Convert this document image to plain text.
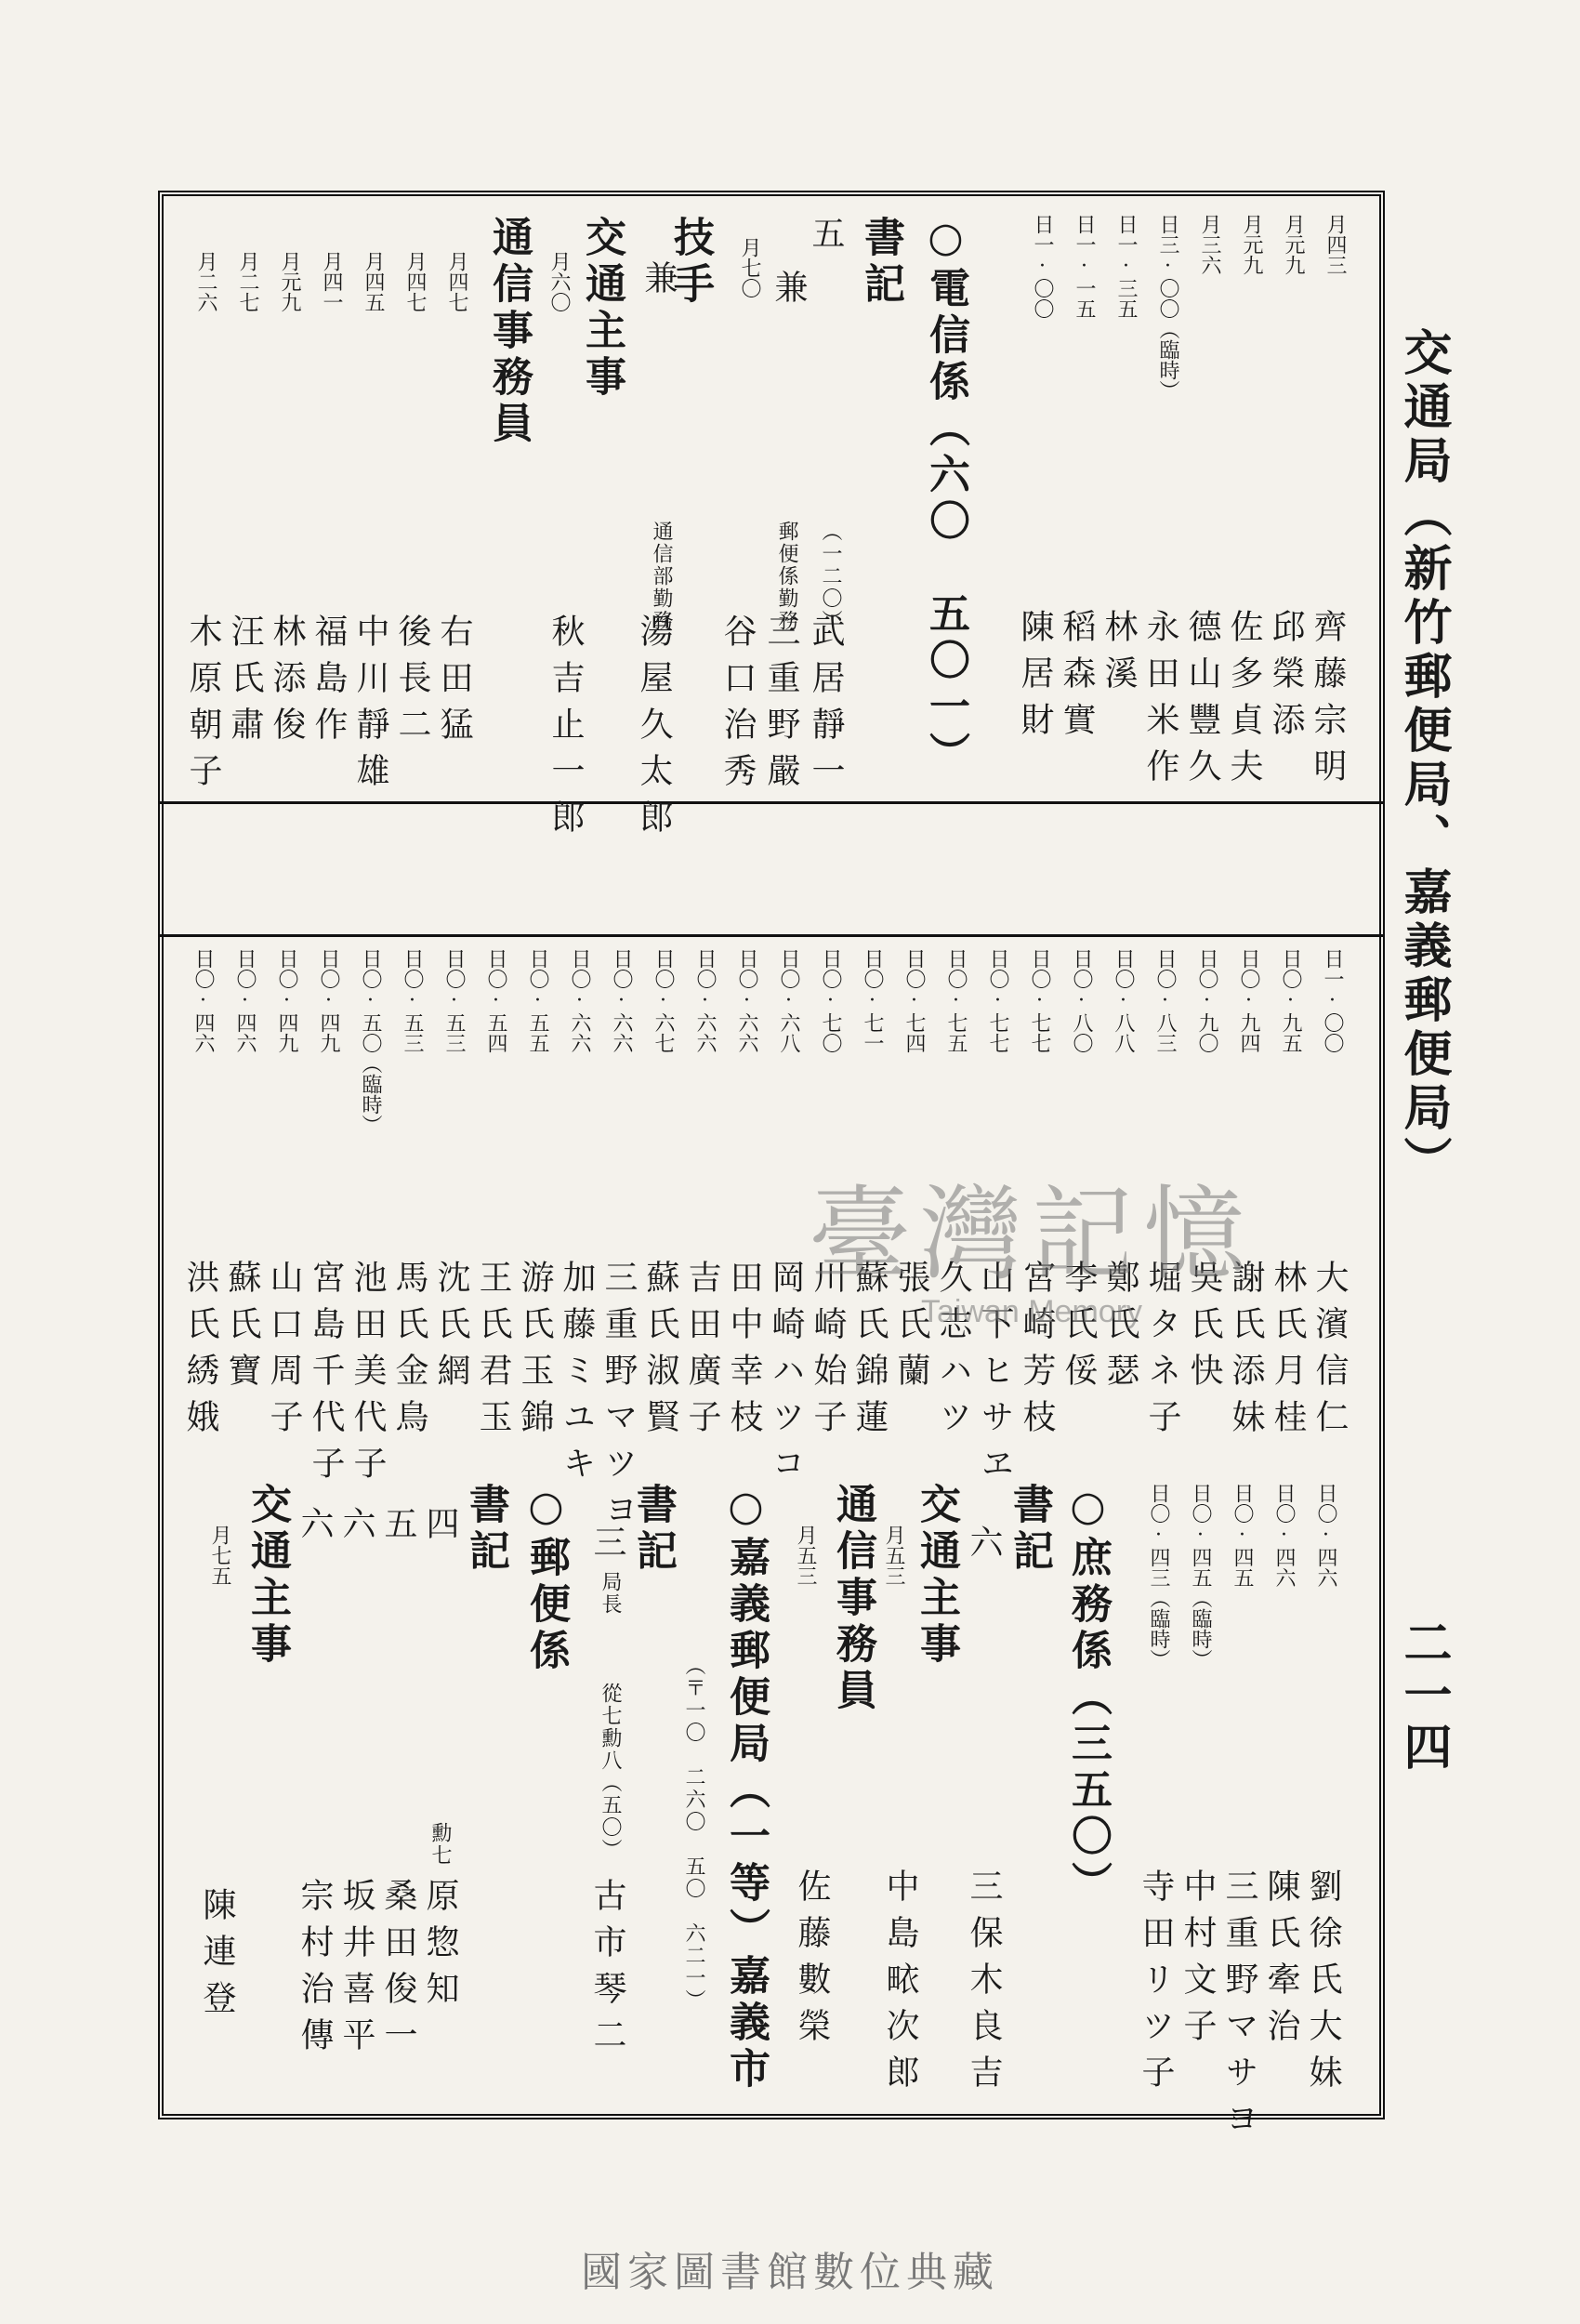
交通局（新竹郵便局、嘉義郵便局）
二一四
月四三
齊藤宗明
月元九
邱榮添
月元九
佐多貞夫
月三六
德山豐久
日三·〇〇（臨時）
永田米作
日一·三五
林溪
日一·一五
稻森實
日一·〇〇
陳居財
○電信係（六〇　五〇一）
書記
五
（一二〇）
武居靜一
兼
郵便係勤務
三重野嚴
月七〇
谷口治秀
技手
兼
通信部勤務
湯屋久太郎
交通主事
月六〇
秋吉止一郎
通信事務員
月四七
右田猛
月四七
後長二
月四五
中川靜雄
月四一
福島作
月元九
林添俊
月二七
汪氏肅
月二六
木原朝子
日一·〇〇
大濱信仁
日〇·九五
林氏月桂
日〇·九四
謝氏添妹
日〇·九〇
吳氏快
日〇·八三
堀タネ子
日〇·八八
鄭氏瑟
日〇·八〇
李氏俀
日〇·七七
宮崎芳枝
日〇·七七
山下ヒサヱ
日〇·七五
久志ハツ
日〇·七四
張氏蘭
日〇·七一
蘇氏錦蓮
日〇·七〇
川崎始子
日〇·六八
岡崎ハツコ
日〇·六六
田中幸枝
日〇·六六
吉田廣子
日〇·六七
蘇氏淑賢
日〇·六六
三重野マツヨ
日〇·六六
加藤ミユキ
日〇·五五
游氏玉錦
日〇·五四
王氏君玉
日〇·五三
沈氏網
日〇·五三
馬氏金鳥
日〇·五〇（臨時）
池田美代子
日〇·四九
宮島千代子
日〇·四九
山口周子
日〇·四六
蘇氏寶
日〇·四六
洪氏綉娥
臺灣記憶
Taiwan Memory
日〇·四六
劉徐氏大妹
日〇·四六
陳氏牽治
日〇·四五
三重野マサヨ
日〇·四五（臨時）
中村文子
日〇·四三（臨時）
寺田リツ子
○庶務係（三五〇）
書記
六
三保木良吉
交通主事
月五三
中島畩次郎
通信事務員
月五三
佐藤數榮
○嘉義郵便局（一等）嘉義市
（〒一〇　二六〇　五〇　六二一）
書記
三
局長
從七勳八（五〇）
古市琴二
○郵便係
書記
四
勳七
原惣知
五
桑田俊一
六
坂井喜平
六
宗村治傳
交通主事
月七五
陳連登
國家圖書館數位典藏
